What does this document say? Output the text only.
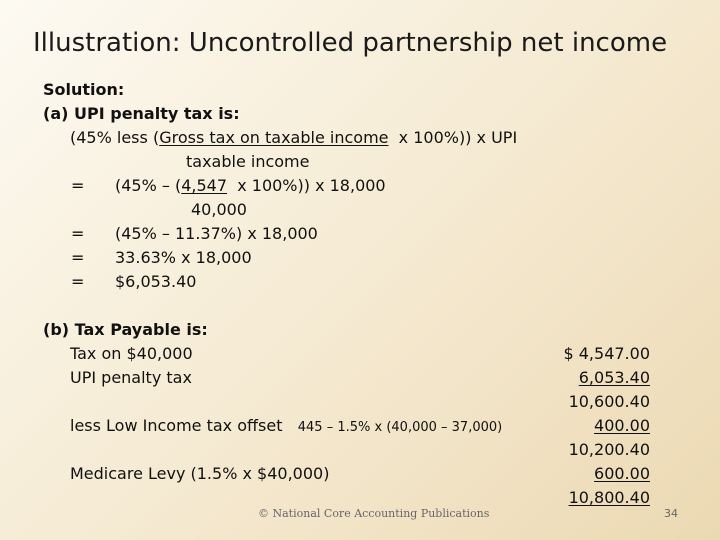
Illustration: Uncontrolled partnership net income
Solution:
(a) UPI penalty tax is:
(45% less (Gross tax on taxable income x 100%)) x UPI
taxable income
= (45% – (4,547 x 100%)) x 18,000
40,000
= (45% – 11.37%) x 18,000
= 33.63% x 18,000
= $6,053.40
(b) Tax Payable is:
Tax on $40,000	$ 4,547.00
UPI penalty tax	6,053.40
10,600.40
less Low Income tax offset 445 – 1.5% x (40,000 – 37,000)	400.00
10,200.40
Medicare Levy (1.5% x $40,000)	600.00
10,800.40
© National Core Accounting Publications	34
